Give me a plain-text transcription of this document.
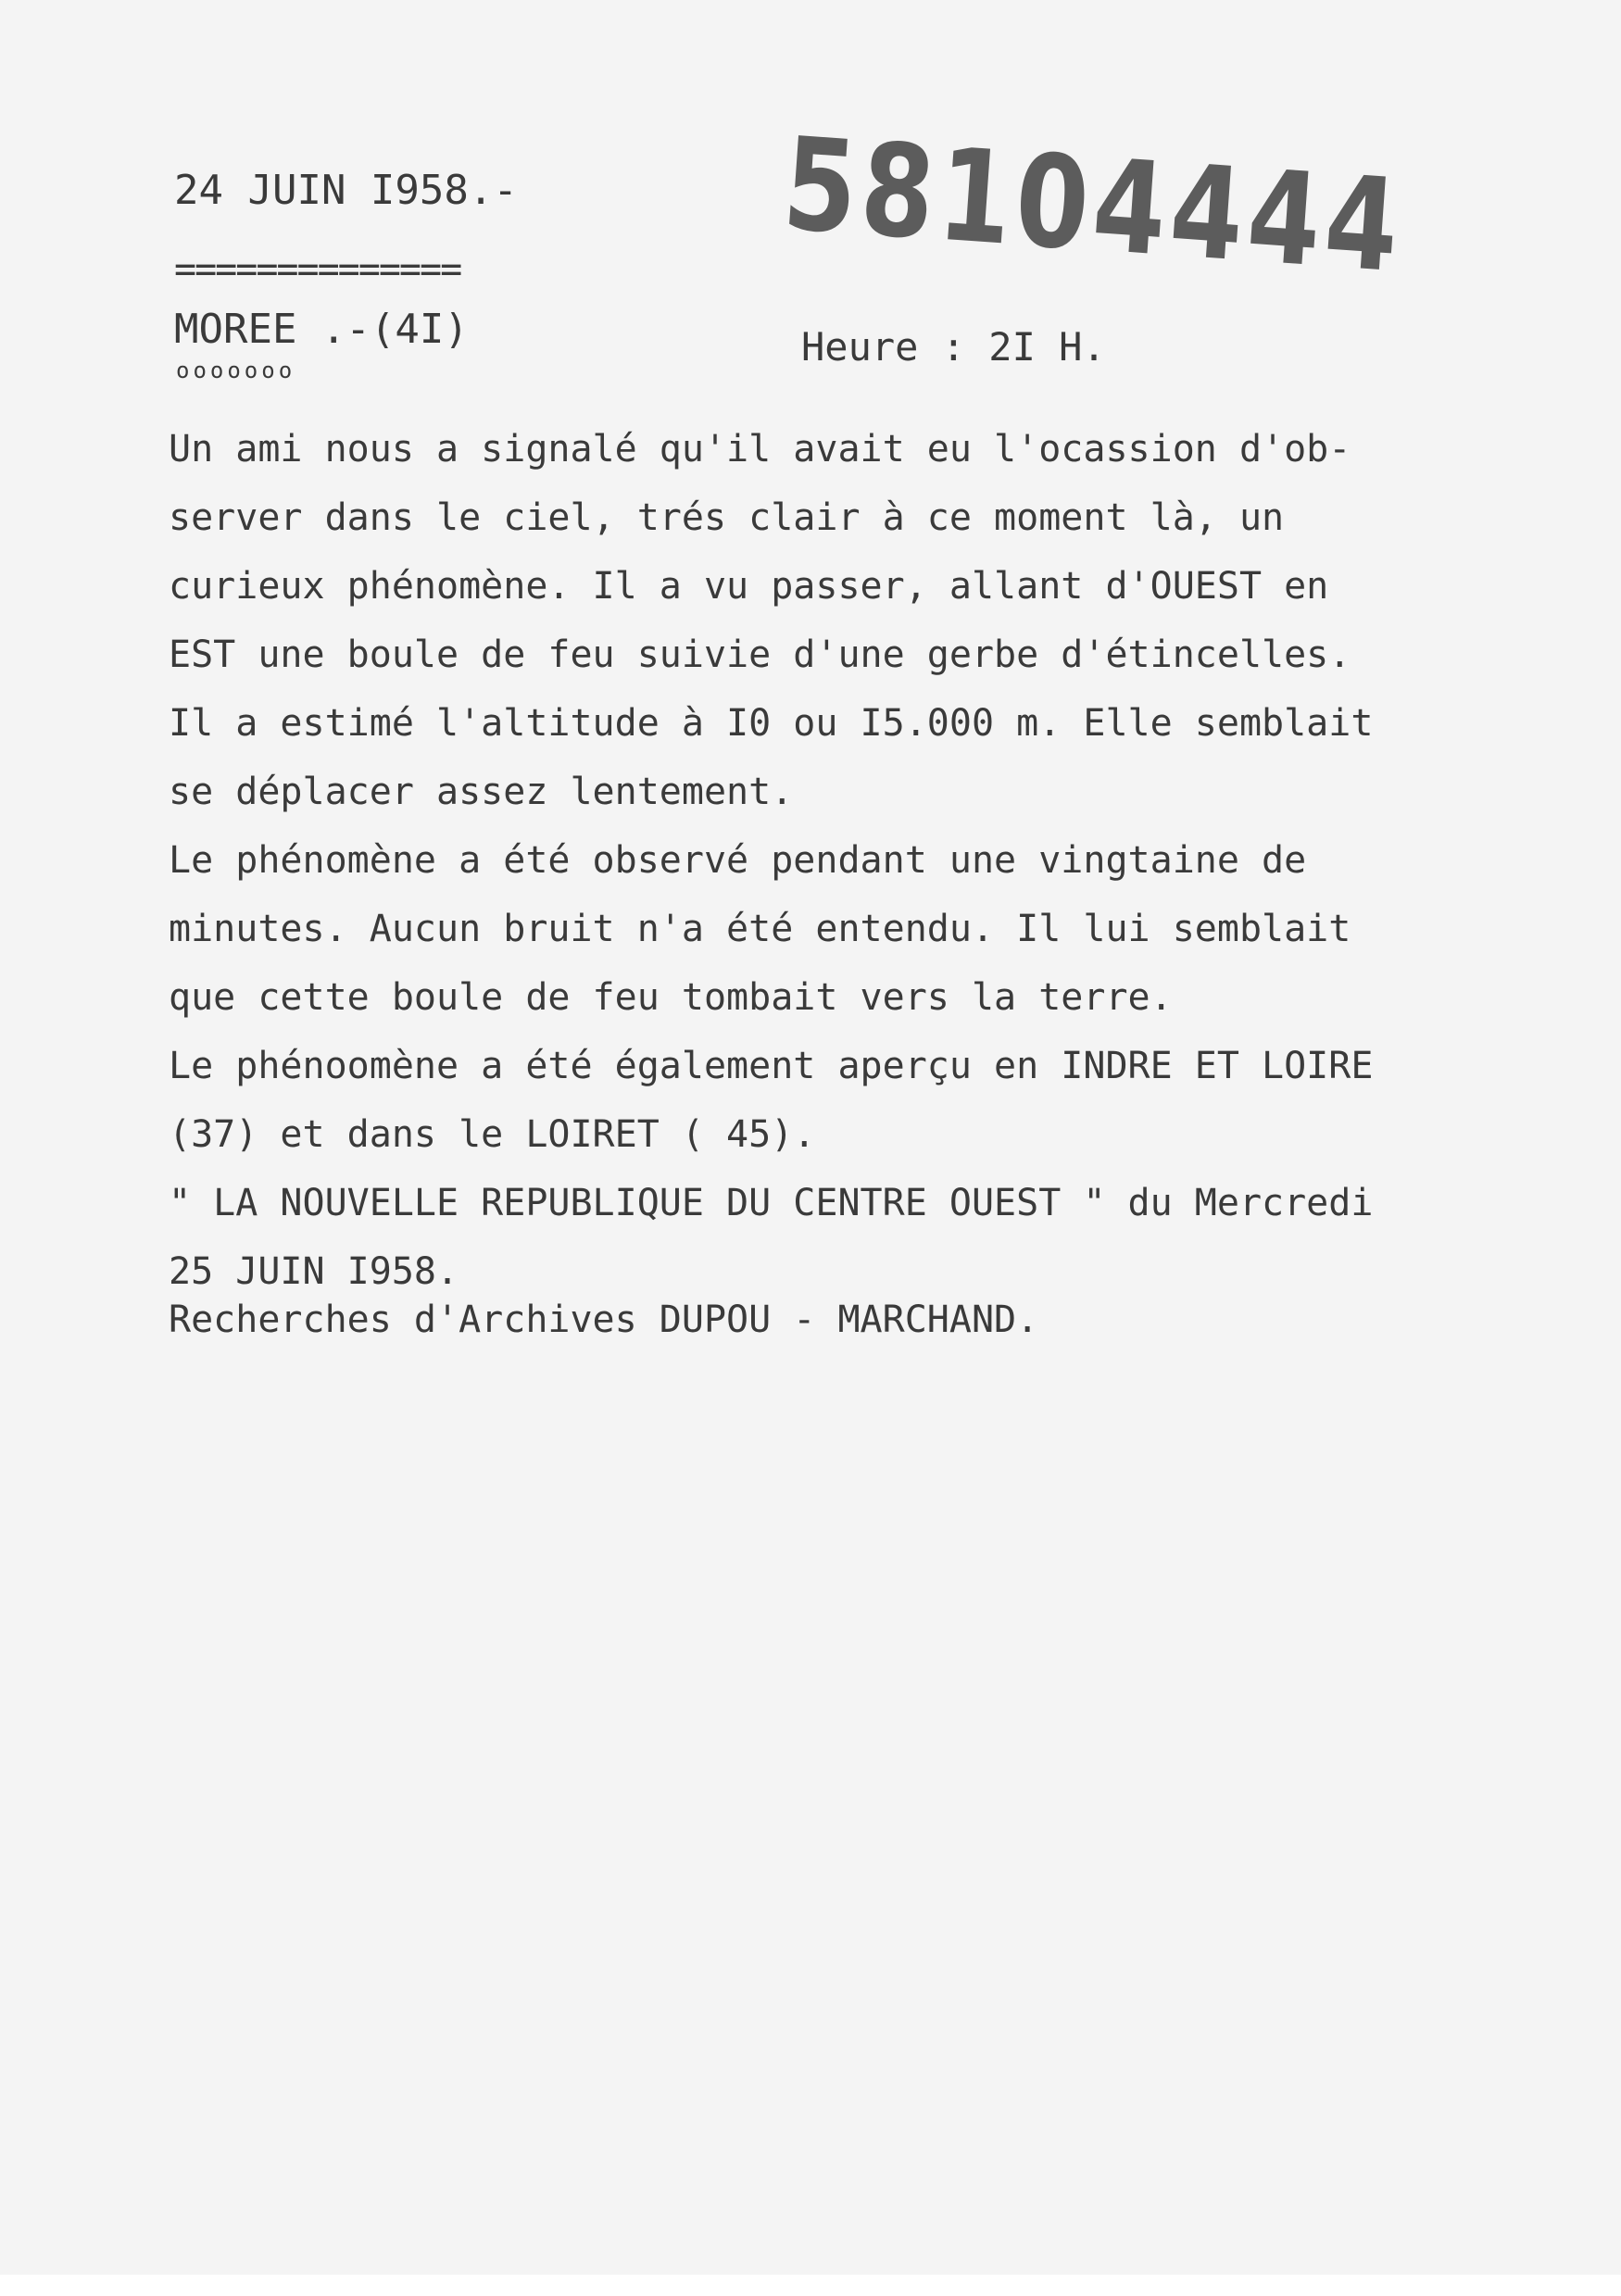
24 JUIN I958.-

==============

MOREE .-(4I)

ooooooo

58104444

Heure : 2I H.

Un ami nous a signalé qu'il avait eu l'ocassion d'ob-

server dans le ciel, trés clair à ce moment là, un

curieux phénomène. Il a vu passer, allant d'OUEST en

EST une boule de feu suivie d'une gerbe d'étincelles.

Il a estimé l'altitude à I0 ou I5.000 m. Elle semblait

se déplacer assez lentement.

Le phénomène a été observé pendant une vingtaine de

minutes. Aucun bruit n'a été entendu. Il lui semblait

que cette boule de feu tombait vers la terre.

Le phénoomène a été également aperçu en INDRE ET LOIRE

(37) et dans le LOIRET ( 45).

" LA NOUVELLE REPUBLIQUE DU CENTRE OUEST " du Mercredi

25 JUIN I958.

Recherches d'Archives DUPOU - MARCHAND.
